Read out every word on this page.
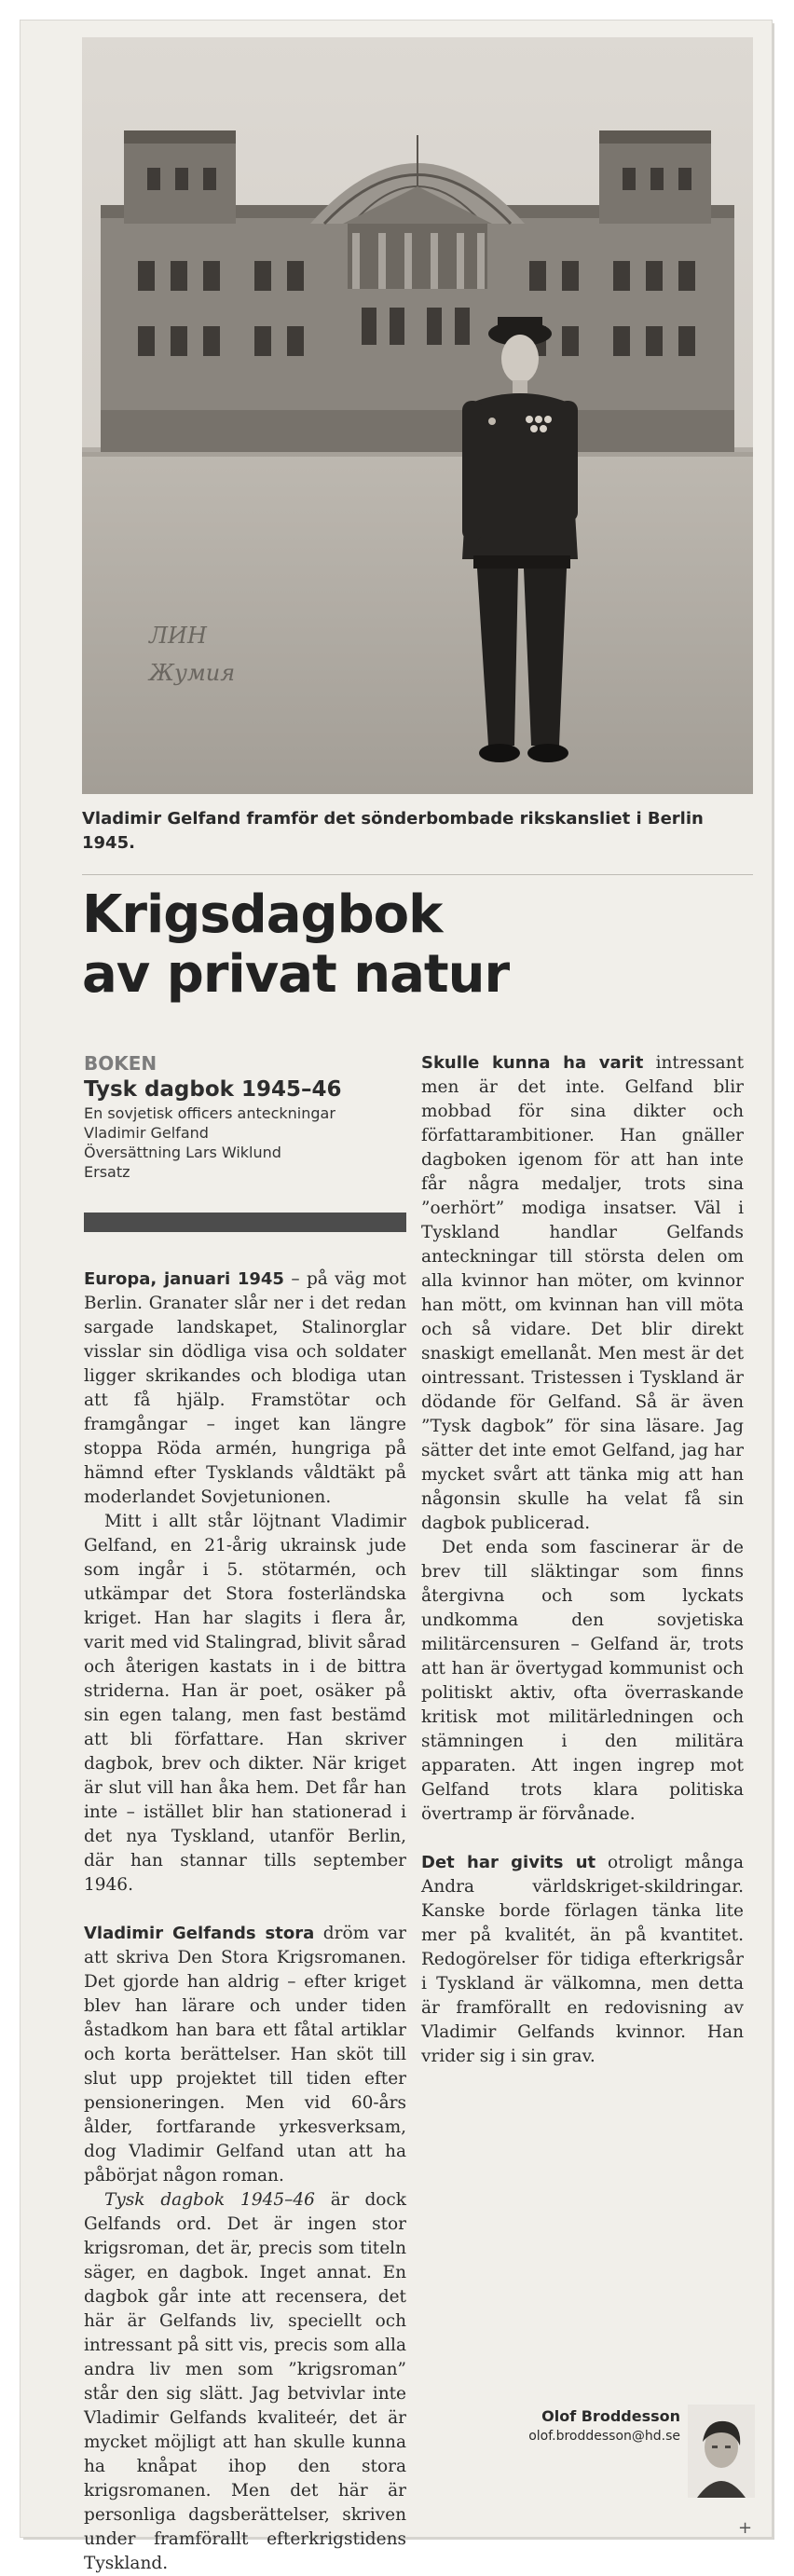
ЛИН
Жумия
Vladimir Gelfand framför det sönderbombade rikskansliet i Berlin 1945.
Krigsdagbok
av privat natur
BOKEN
Tysk dagbok 1945–46
En sovjetisk officers anteckningar
Vladimir Gelfand
Översättning Lars Wiklund
Ersatz

Europa, januari 1945 – på väg mot Berlin. Granater slår ner i det redan sargade landskapet, Stalinorglar visslar sin dödliga visa och soldater ligger skrikandes och blodiga utan att få hjälp. Framstötar och framgångar – inget kan längre stoppa Röda armén, hungriga på hämnd efter Tysklands våldtäkt på moderlandet Sovjetunionen.

Mitt i allt står löjtnant Vladimir Gelfand, en 21-årig ukrainsk jude som ingår i 5. stötarmén, och utkämpar det Stora fosterländska kriget. Han har slagits i flera år, varit med vid Stalingrad, blivit sårad och återigen kastats in i de bittra striderna. Han är poet, osäker på sin egen talang, men fast bestämd att bli författare. Han skriver dagbok, brev och dikter. När kriget är slut vill han åka hem. Det får han inte – istället blir han stationerad i det nya Tyskland, utanför Berlin, där han stannar tills september 1946.

Vladimir Gelfands stora dröm var att skriva Den Stora Krigsromanen. Det gjorde han aldrig – efter kriget blev han lärare och under tiden åstadkom han bara ett fåtal artiklar och korta berättelser. Han sköt till slut upp projektet till tiden efter pensioneringen. Men vid 60-års ålder, fortfarande yrkesverksam, dog Vladimir Gelfand utan att ha påbörjat någon roman.

Tysk dagbok 1945–46 är dock Gelfands ord. Det är ingen stor krigsroman, det är, precis som titeln säger, en dagbok. Inget annat. En dagbok går inte att recensera, det här är Gelfands liv, speciellt och intressant på sitt vis, precis som alla andra liv men som ”krigsroman” står den sig slätt. Jag betvivlar inte Vladimir Gelfands kvaliteér, det är mycket möjligt att han skulle kunna ha knåpat ihop den stora krigsromanen. Men det här är personliga dagsberättelser, skriven under framförallt efterkrigstidens Tyskland.

Skulle kunna ha varit intressant men är det inte. Gelfand blir mobbad för sina dikter och författarambitioner. Han gnäller dagboken igenom för att han inte får några medaljer, trots sina ”oerhört” modiga insatser. Väl i Tyskland handlar Gelfands anteckningar till största delen om alla kvinnor han möter, om kvinnor han mött, om kvinnan han vill möta och så vidare. Det blir direkt snaskigt emellanåt. Men mest är det ointressant. Tristessen i Tyskland är dödande för Gelfand. Så är även ”Tysk dagbok” för sina läsare. Jag sätter det inte emot Gelfand, jag har mycket svårt att tänka mig att han någonsin skulle ha velat få sin dagbok publicerad.

Det enda som fascinerar är de brev till släktingar som finns återgivna och som lyckats undkomma den sovjetiska militärcensuren – Gelfand är, trots att han är övertygad kommunist och politiskt aktiv, ofta överraskande kritisk mot militärledningen och stämningen i den militära apparaten. Att ingen ingrep mot Gelfand trots klara politiska övertramp är förvånade.

Det har givits ut otroligt många Andra världskriget-skildringar. Kanske borde förlagen tänka lite mer på kvalitét, än på kvantitet. Redogörelser för tidiga efterkrigsår i Tyskland är välkomna, men detta är framförallt en redovisning av Vladimir Gelfands kvinnor. Han vrider sig i sin grav.

Olof Broddesson
olof.broddesson@hd.se
+
